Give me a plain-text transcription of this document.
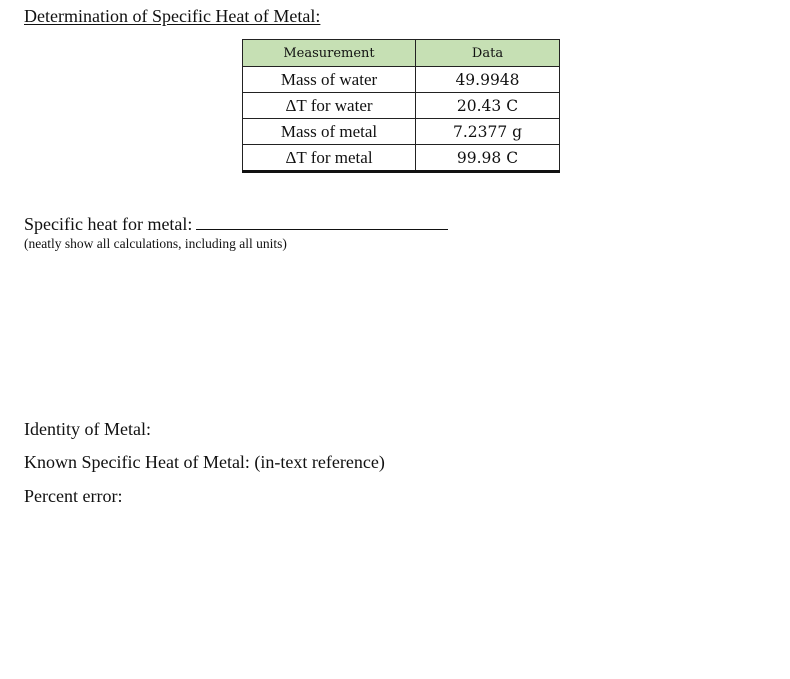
Determination of Specific Heat of Metal:
Measurement	Data
Mass of water	49.9948
ΔT for water	20.43 C
Mass of metal	7.2377 g
ΔT for metal	99.98 C
Specific heat for metal:
(neatly show all calculations, including all units)
Identity of Metal:
Known Specific Heat of Metal: (in-text reference)
Percent error:
